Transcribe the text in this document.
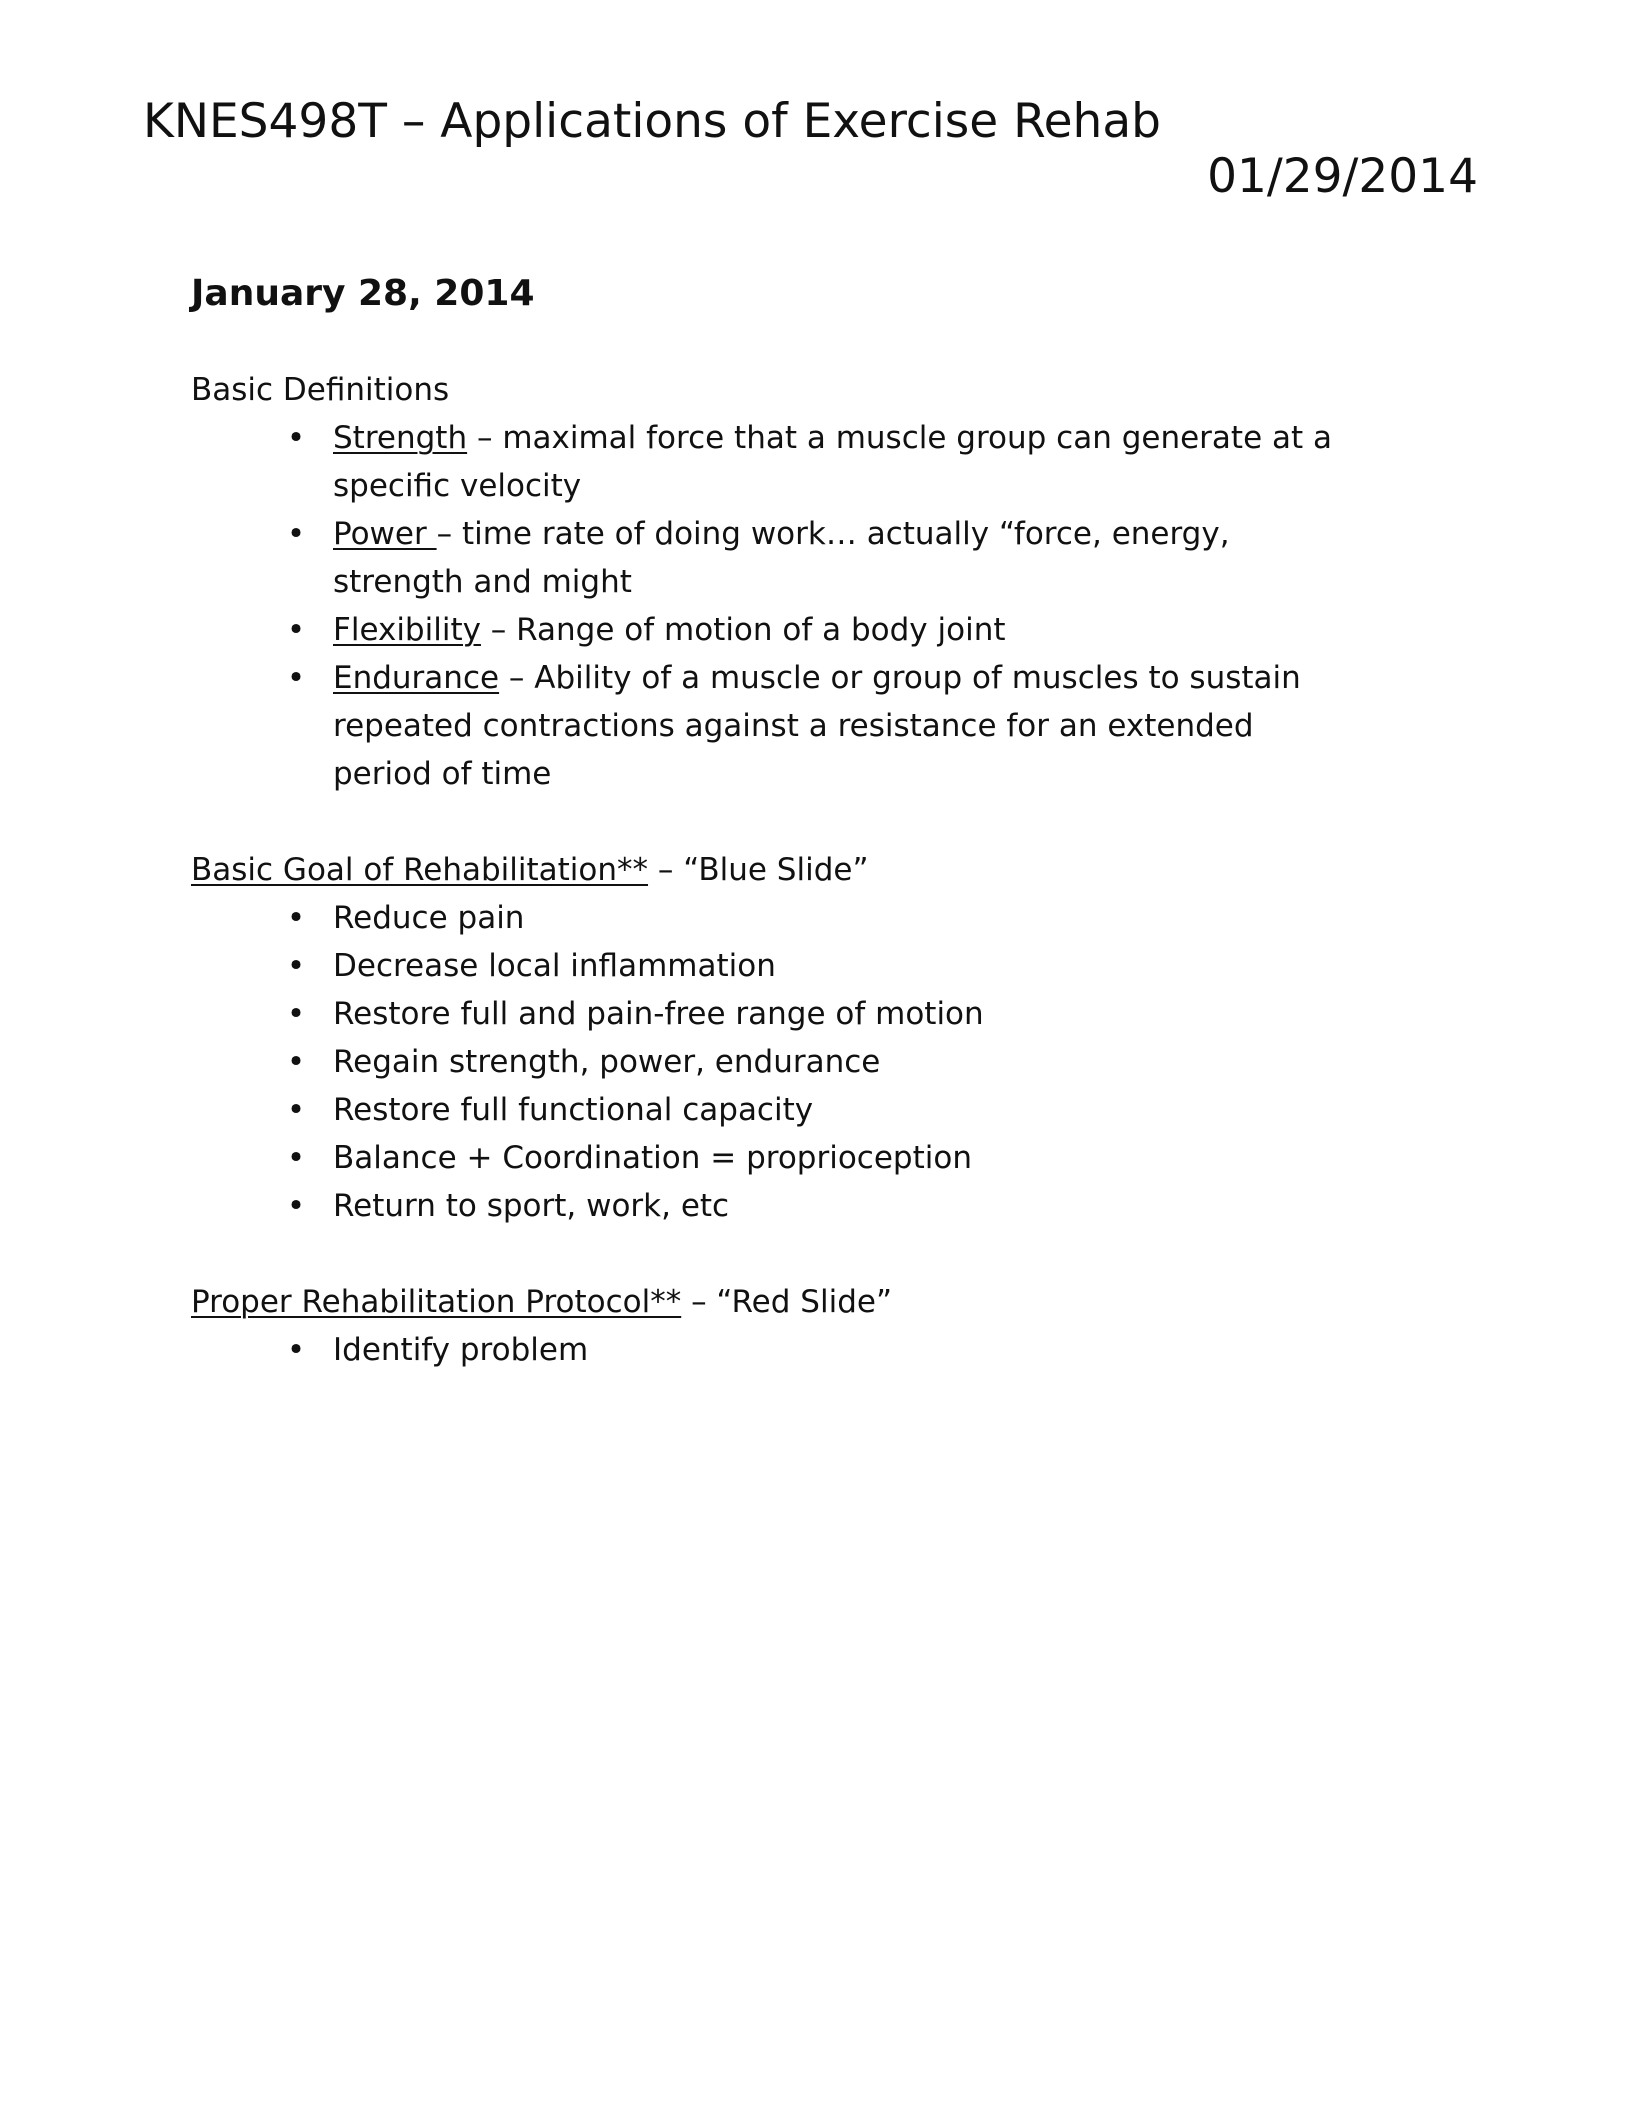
KNES498T – Applications of Exercise Rehab
01/29/2014
January 28, 2014
Basic Definitions
• Strength – maximal force that a muscle group can generate at a specific velocity
• Power – time rate of doing work… actually “force, energy, strength and might
• Flexibility – Range of motion of a body joint
• Endurance – Ability of a muscle or group of muscles to sustain repeated contractions against a resistance for an extended period of time
Basic Goal of Rehabilitation** – “Blue Slide”
• Reduce pain
• Decrease local inflammation
• Restore full and pain-free range of motion
• Regain strength, power, endurance
• Restore full functional capacity
• Balance + Coordination = proprioception
• Return to sport, work, etc
Proper Rehabilitation Protocol** – “Red Slide”
• Identify problem
